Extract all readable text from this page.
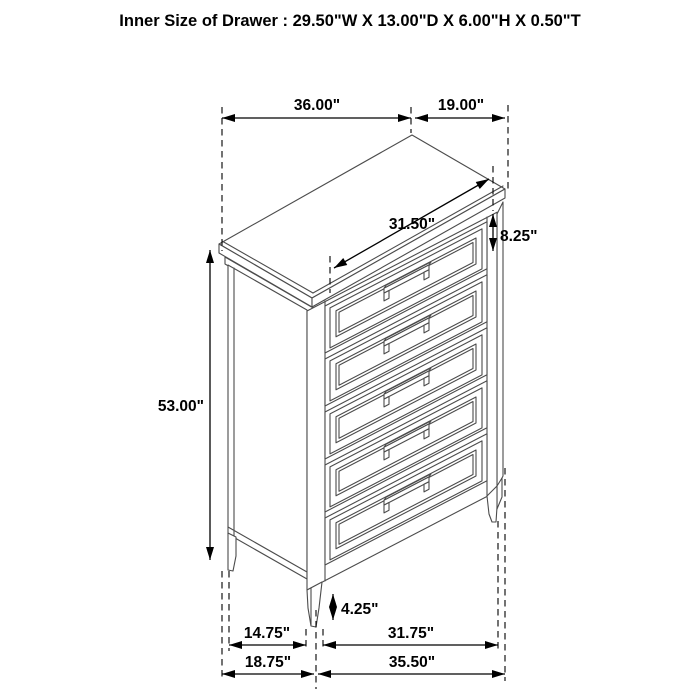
Inner Size of Drawer : 29.50"W X 13.00"D X 6.00"H X 0.50"T
36.00"	19.00"
31.50"
8.25"
53.00"
4.25"
14.75"	31.75"
18.75"	35.50"
